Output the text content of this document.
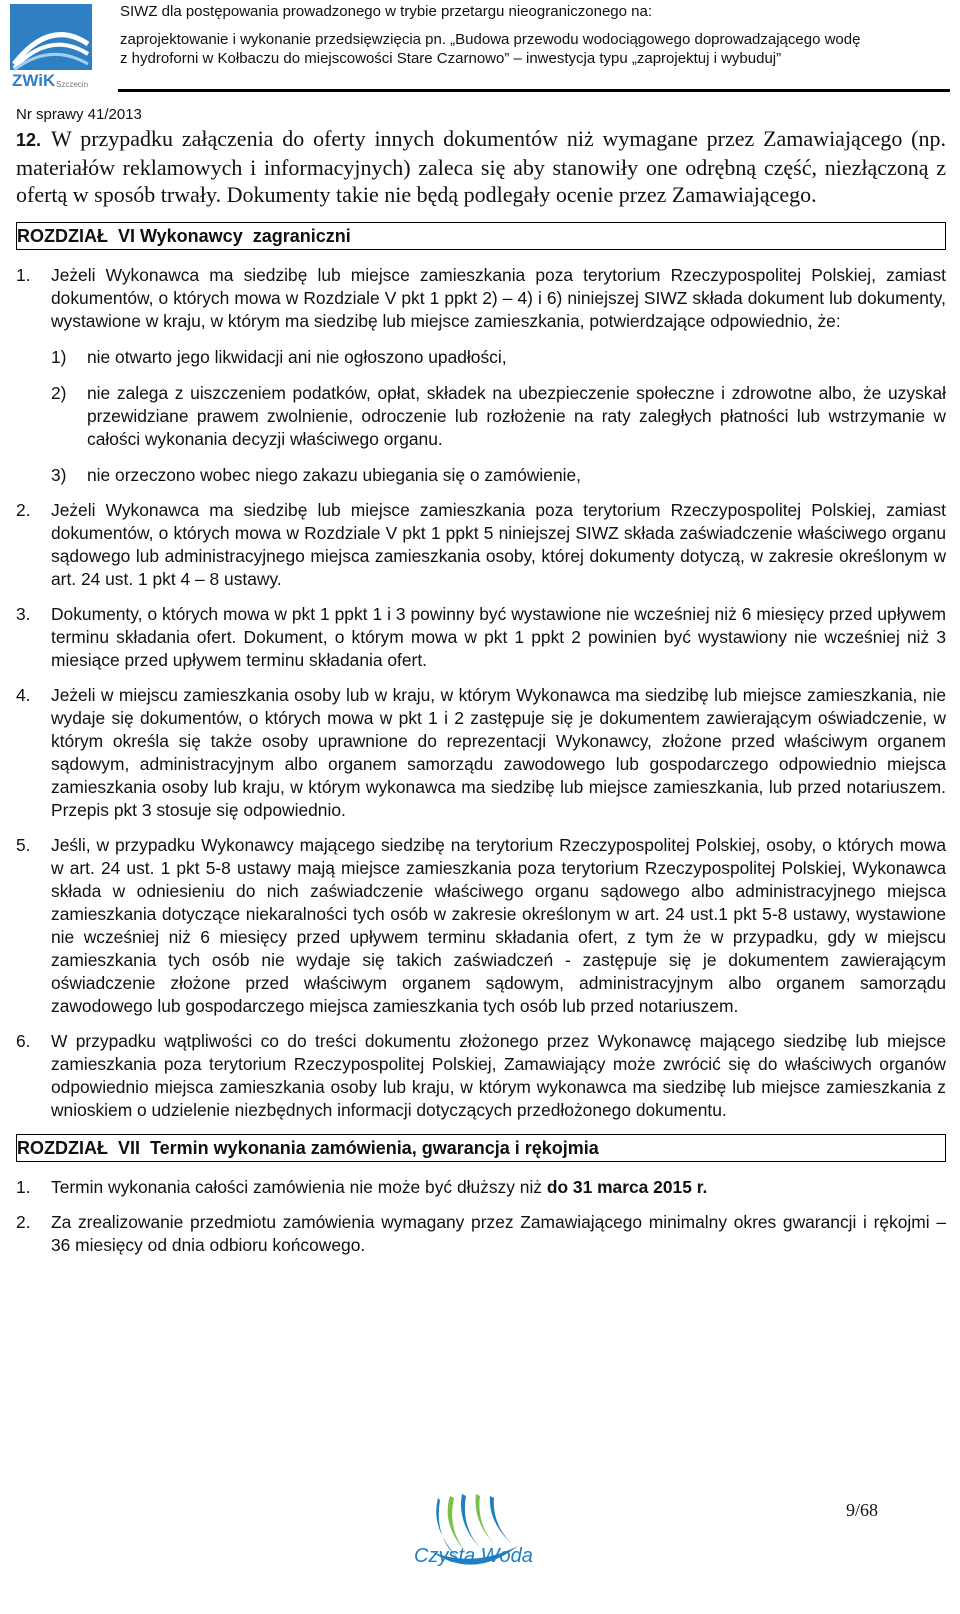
ZWiK Szczecin
SIWZ dla postępowania prowadzonego w trybie przetargu nieograniczonego na:
zaprojektowanie i wykonanie przedsięwzięcia pn. „Budowa przewodu wodociągowego doprowadzającego wodę
z hydroforni w Kołbaczu do miejscowości Stare Czarnowo” – inwestycja typu „zaprojektuj i wybuduj”
Nr sprawy 41/2013

12. W przypadku załączenia do oferty innych dokumentów niż wymagane przez Zamawiającego (np. materiałów reklamowych i informacyjnych) zaleca się aby stanowiły one odrębną część, niezłączoną z ofertą w sposób trwały. Dokumenty takie nie będą podlegały ocenie przez Zamawiającego.

ROZDZIAŁ  VI Wykonawcy  zagraniczni
1.	Jeżeli Wykonawca ma siedzibę lub miejsce zamieszkania poza terytorium Rzeczypospolitej Polskiej, zamiast dokumentów, o których mowa w Rozdziale V pkt 1 ppkt 2) – 4) i 6) niniejszej SIWZ składa dokument lub dokumenty, wystawione w kraju, w którym ma siedzibę lub miejsce zamieszkania, potwierdzające odpowiednio, że:
1)	nie otwarto jego likwidacji ani nie ogłoszono upadłości,
2)	nie zalega z uiszczeniem podatków, opłat, składek na ubezpieczenie społeczne i zdrowotne albo, że uzyskał przewidziane prawem zwolnienie, odroczenie lub rozłożenie na raty zaległych płatności lub wstrzymanie w całości wykonania decyzji właściwego organu.
3)	nie orzeczono wobec niego zakazu ubiegania się o zamówienie,
2.	Jeżeli Wykonawca ma siedzibę lub miejsce zamieszkania poza terytorium Rzeczypospolitej Polskiej, zamiast dokumentów, o których mowa w Rozdziale V pkt 1 ppkt 5 niniejszej SIWZ składa zaświadczenie właściwego organu sądowego lub administracyjnego miejsca zamieszkania osoby, której dokumenty dotyczą, w zakresie określonym w art. 24 ust. 1 pkt 4 – 8 ustawy.
3.	Dokumenty, o których mowa w pkt 1 ppkt 1 i 3 powinny być wystawione nie wcześniej niż 6 miesięcy przed upływem terminu składania ofert. Dokument, o którym mowa w pkt 1 ppkt 2 powinien być wystawiony nie wcześniej niż 3 miesiące przed upływem terminu składania ofert.
4.	Jeżeli w miejscu zamieszkania osoby lub w kraju, w którym Wykonawca ma siedzibę lub miejsce zamieszkania, nie wydaje się dokumentów, o których mowa w pkt 1 i 2 zastępuje się je dokumentem zawierającym oświadczenie, w którym określa się także osoby uprawnione do reprezentacji Wykonawcy, złożone przed właściwym organem sądowym, administracyjnym albo organem samorządu zawodowego lub gospodarczego odpowiednio miejsca zamieszkania osoby lub kraju, w którym wykonawca ma siedzibę lub miejsce zamieszkania, lub przed notariuszem. Przepis pkt 3 stosuje się odpowiednio.
5.	Jeśli, w przypadku Wykonawcy mającego siedzibę na terytorium Rzeczypospolitej Polskiej, osoby, o których mowa w art. 24 ust. 1 pkt 5-8 ustawy mają miejsce zamieszkania poza terytorium Rzeczypospolitej Polskiej, Wykonawca składa w odniesieniu do nich zaświadczenie właściwego organu sądowego albo administracyjnego miejsca zamieszkania dotyczące niekaralności tych osób w zakresie określonym w art. 24 ust.1 pkt 5-8 ustawy, wystawione nie wcześniej niż 6 miesięcy przed upływem terminu składania ofert, z tym że w przypadku, gdy w miejscu zamieszkania tych osób nie wydaje się takich zaświadczeń - zastępuje się je dokumentem zawierającym oświadczenie złożone przed właściwym organem sądowym, administracyjnym albo organem samorządu zawodowego lub gospodarczego miejsca zamieszkania tych osób lub przed notariuszem.
6.	W przypadku wątpliwości co do treści dokumentu złożonego przez Wykonawcę mającego siedzibę lub miejsce zamieszkania poza terytorium Rzeczypospolitej Polskiej, Zamawiający może zwrócić się do właściwych organów odpowiednio miejsca zamieszkania osoby lub kraju, w którym wykonawca ma siedzibę lub miejsce zamieszkania z wnioskiem o udzielenie niezbędnych informacji dotyczących przedłożonego dokumentu.
ROZDZIAŁ  VII  Termin wykonania zamówienia, gwarancja i rękojmia
1.	Termin wykonania całości zamówienia nie może być dłuższy niż do 31 marca 2015 r.
2.	Za zrealizowanie przedmiotu zamówienia wymagany przez Zamawiającego minimalny okres gwarancji i rękojmi – 36 miesięcy od dnia odbioru końcowego.
Czysta Woda
9/68
